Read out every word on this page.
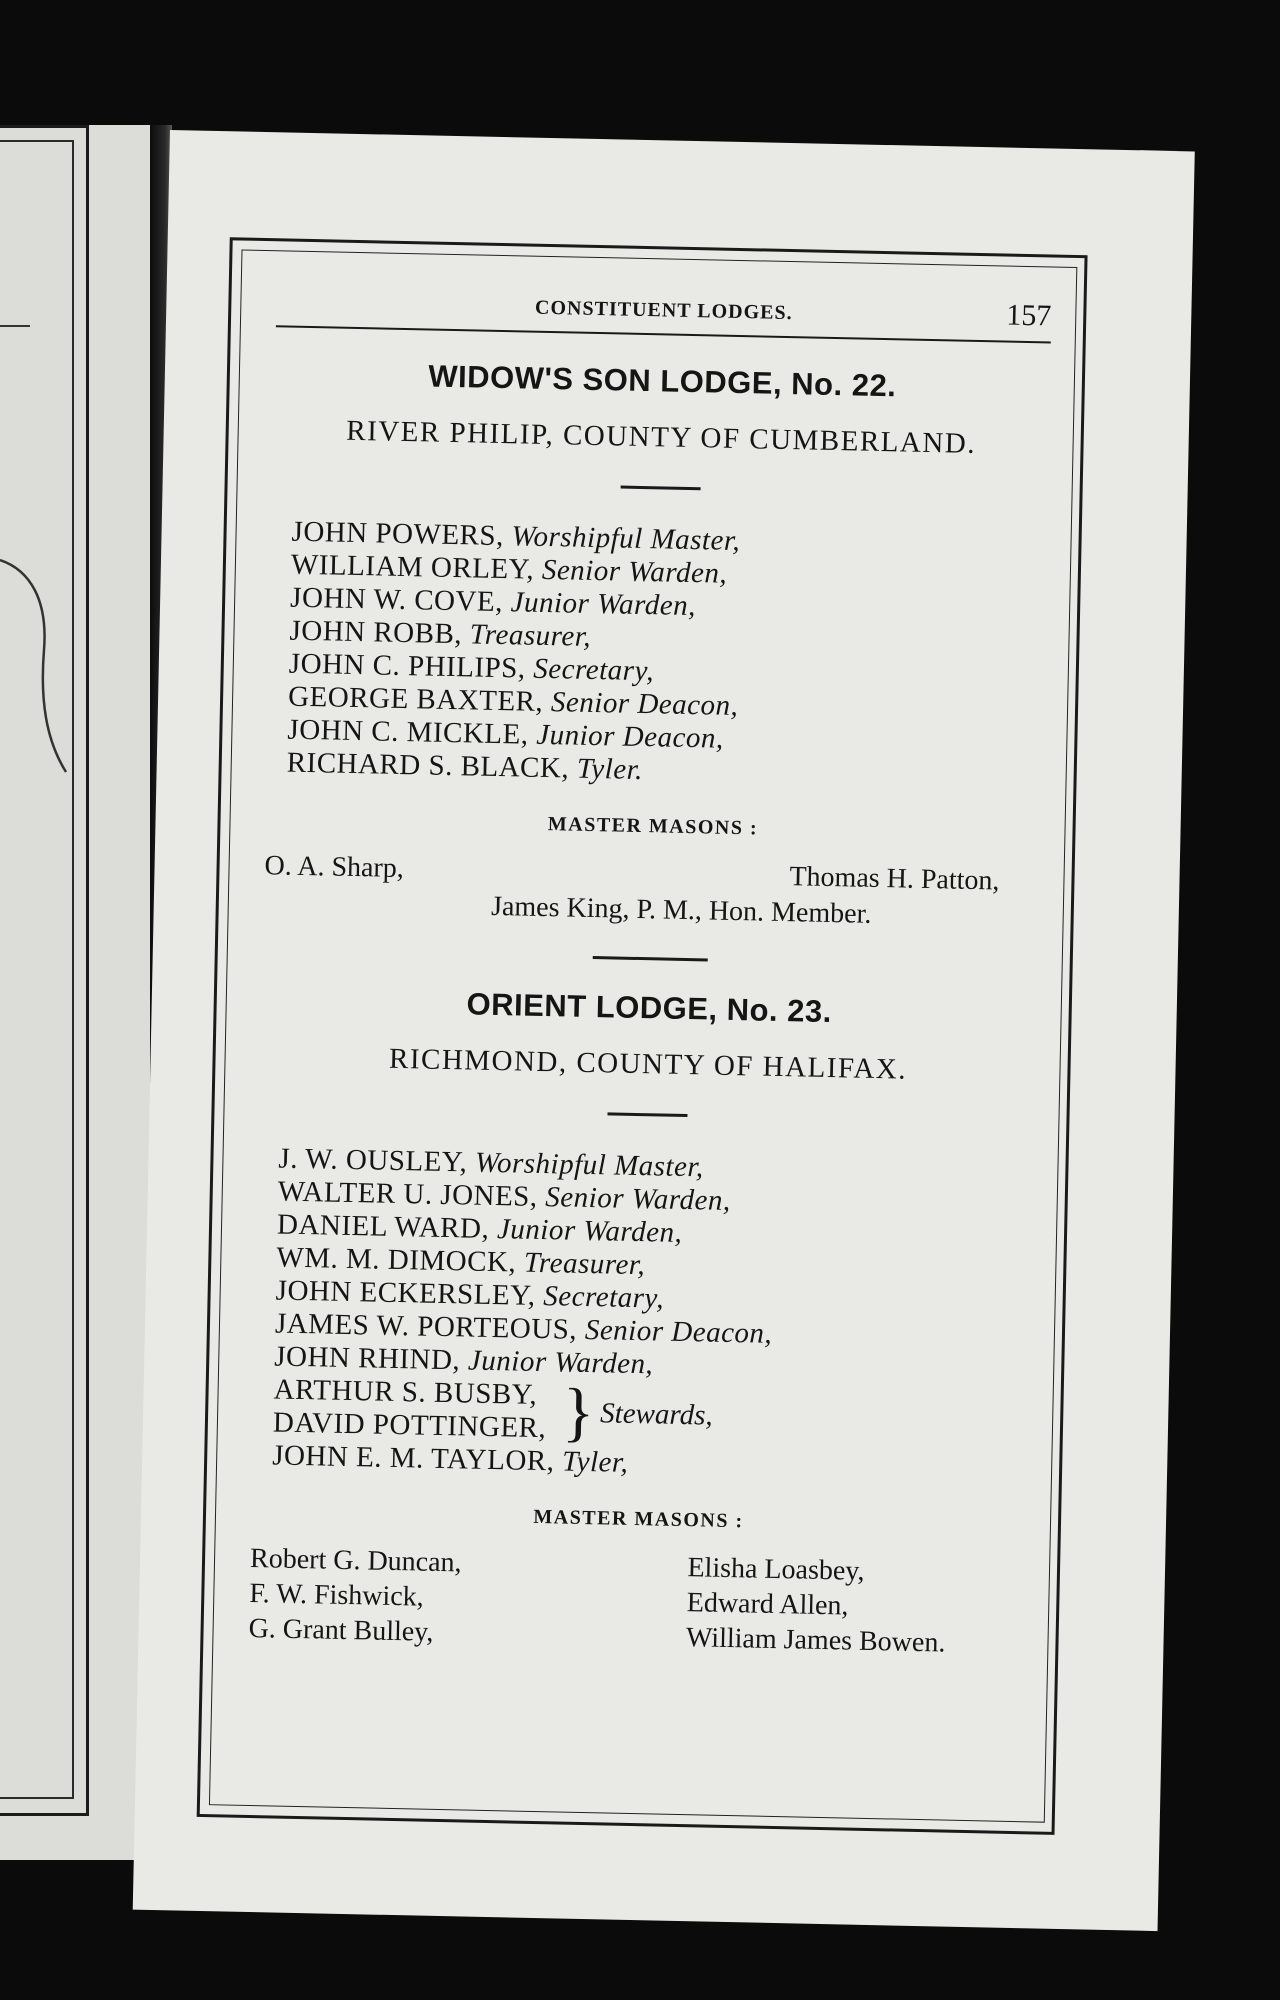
CONSTITUENT LODGES.	157
WIDOW'S SON LODGE, No. 22.

RIVER PHILIP, COUNTY OF CUMBERLAND.

JOHN POWERS, Worshipful Master,
WILLIAM ORLEY, Senior Warden,
JOHN W. COVE, Junior Warden,
JOHN ROBB, Treasurer,
JOHN C. PHILIPS, Secretary,
GEORGE BAXTER, Senior Deacon,
JOHN C. MICKLE, Junior Deacon,
RICHARD S. BLACK, Tyler.
MASTER MASONS :
O. A. Sharp,	Thomas H. Patton,
James King, P. M., Hon. Member.
ORIENT LODGE, No. 23.

RICHMOND, COUNTY OF HALIFAX.

J. W. OUSLEY, Worshipful Master,
WALTER U. JONES, Senior Warden,
DANIEL WARD, Junior Warden,
WM. M. DIMOCK, Treasurer,
JOHN ECKERSLEY, Secretary,
JAMES W. PORTEOUS, Senior Deacon,
JOHN RHIND, Junior Warden,
ARTHUR S. BUSBY,
DAVID POTTINGER, } Stewards,
JOHN E. M. TAYLOR, Tyler,
MASTER MASONS :
Robert G. Duncan,
F. W. Fishwick,
G. Grant Bulley,
Elisha Loasbey,
Edward Allen,
William James Bowen.
